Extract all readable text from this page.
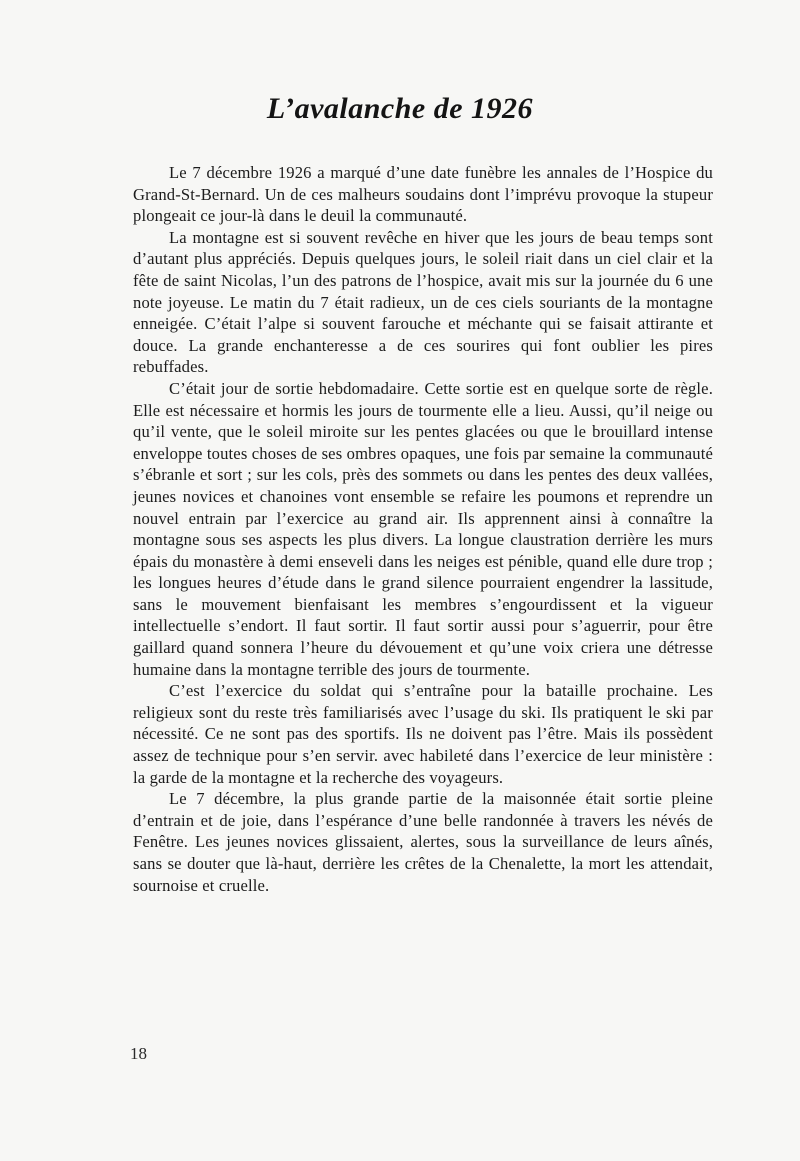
L’avalanche de 1926

Le 7 décembre 1926 a marqué d’une date funèbre les annales de l’Hospice du Grand-St-Bernard. Un de ces malheurs soudains dont l’imprévu provoque la stupeur plongeait ce jour-là dans le deuil la communauté.

La montagne est si souvent revêche en hiver que les jours de beau temps sont d’autant plus appréciés. Depuis quelques jours, le soleil riait dans un ciel clair et la fête de saint Nicolas, l’un des patrons de l’hospice, avait mis sur la journée du 6 une note joyeuse. Le matin du 7 était radieux, un de ces ciels souriants de la montagne enneigée. C’était l’alpe si souvent farouche et méchante qui se faisait attirante et douce. La grande enchanteresse a de ces sourires qui font oublier les pires rebuffades.

C’était jour de sortie hebdomadaire. Cette sortie est en quelque sorte de règle. Elle est nécessaire et hormis les jours de tourmente elle a lieu. Aussi, qu’il neige ou qu’il vente, que le soleil miroite sur les pentes glacées ou que le brouillard intense enveloppe toutes choses de ses ombres opaques, une fois par semaine la communauté s’ébranle et sort ; sur les cols, près des sommets ou dans les pentes des deux vallées, jeunes novices et chanoines vont ensemble se refaire les poumons et reprendre un nouvel entrain par l’exercice au grand air. Ils apprennent ainsi à connaître la montagne sous ses aspects les plus divers. La longue claustration derrière les murs épais du monastère à demi enseveli dans les neiges est pénible, quand elle dure trop ; les longues heures d’étude dans le grand silence pourraient engendrer la lassitude, sans le mouvement bienfaisant les membres s’engourdissent et la vigueur intellectuelle s’endort. Il faut sortir. Il faut sortir aussi pour s’aguerrir, pour être gaillard quand sonnera l’heure du dévouement et qu’une voix criera une détresse humaine dans la montagne terrible des jours de tourmente.

C’est l’exercice du soldat qui s’entraîne pour la bataille prochaine. Les religieux sont du reste très familiarisés avec l’usage du ski. Ils pratiquent le ski par nécessité. Ce ne sont pas des sportifs. Ils ne doivent pas l’être. Mais ils possèdent assez de technique pour s’en servir. avec habileté dans l’exercice de leur ministère : la garde de la montagne et la recherche des voyageurs.

Le 7 décembre, la plus grande partie de la maisonnée était sortie pleine d’entrain et de joie, dans l’espérance d’une belle randonnée à travers les névés de Fenêtre. Les jeunes novices glissaient, alertes, sous la surveillance de leurs aînés, sans se douter que là-haut, derrière les crêtes de la Chenalette, la mort les attendait, sournoise et cruelle.

18
